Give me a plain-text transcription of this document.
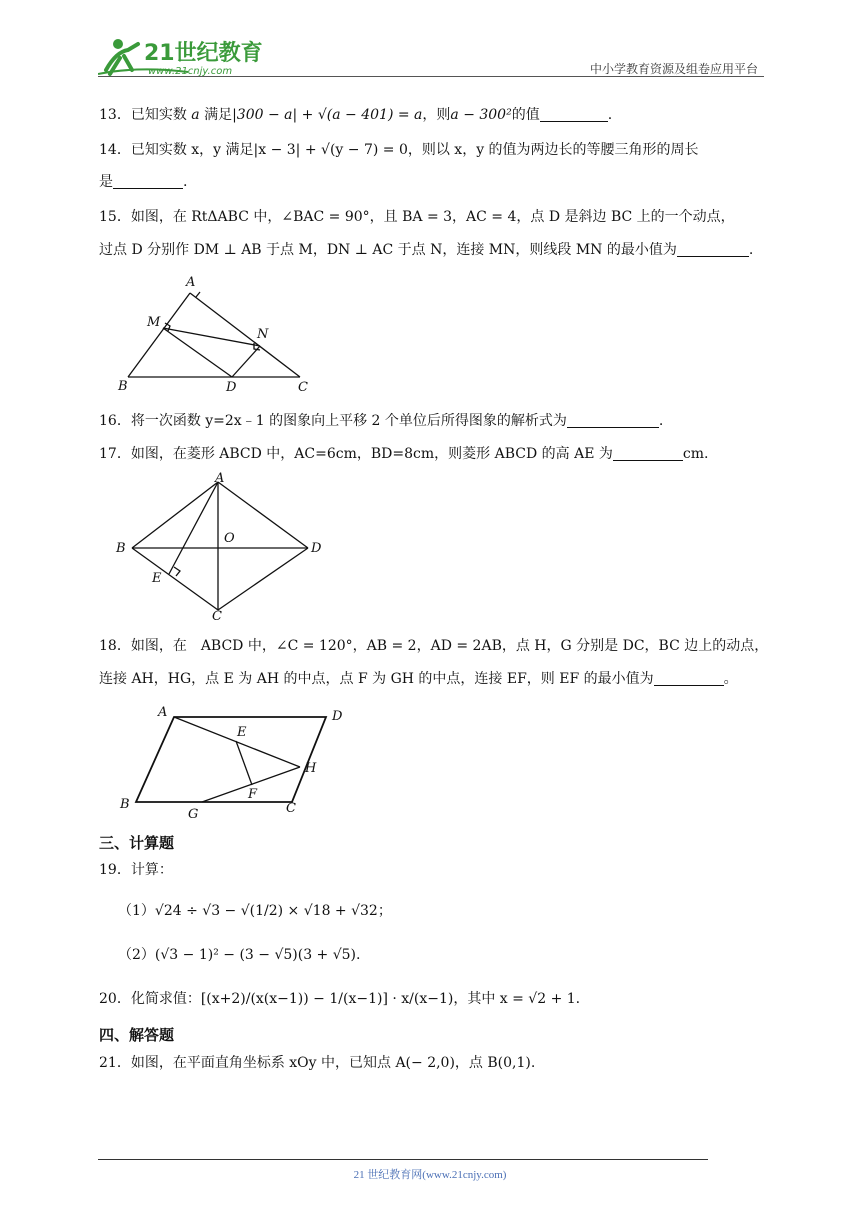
21世纪教育
www.21cnjy.com	中小学教育资源及组卷应用平台
13．已知实数 a 满足|300 − a| + √(a − 401) = a，则a − 300²的值	.
14．已知实数 x，y 满足|x − 3| + √(y − 7) = 0，则以 x，y 的值为两边长的等腰三角形的周长
是	.
15．如图，在 RtΔABC 中，∠BAC = 90°，且 BA = 3，AC = 4，点 D 是斜边 BC 上的一个动点，
过点 D 分别作 DM ⊥ AB 于点 M，DN ⊥ AC 于点 N，连接 MN，则线段 MN 的最小值为	.
A
M
N
B	D	C
16．将一次函数 y=2x﹣1 的图象向上平移 2 个单位后所得图象的解析式为	.
17．如图，在菱形 ABCD 中，AC=6cm，BD=8cm，则菱形 ABCD 的高 AE 为	cm.
A
B
O
D
E
C
18．如图，在　ABCD 中，∠C = 120°，AB = 2，AD = 2AB，点 H，G 分别是 DC，BC 边上的动点，
连接 AH，HG，点 E 为 AH 的中点，点 F 为 GH 的中点，连接 EF，则 EF 的最小值为	。
A	D
E
H
F
B
G	C
三、计算题
19．计算：
（1）√24 ÷ √3 − √(1/2) × √18 + √32；
（2）(√3 − 1)² − (3 − √5)(3 + √5).
20．化简求值：[(x+2)/(x(x−1)) − 1/(x−1)] · x/(x−1)，其中 x = √2 + 1.
四、解答题
21．如图，在平面直角坐标系 xOy 中，已知点 A(− 2,0)，点 B(0,1).
21 世纪教育网(www.21cnjy.com)
